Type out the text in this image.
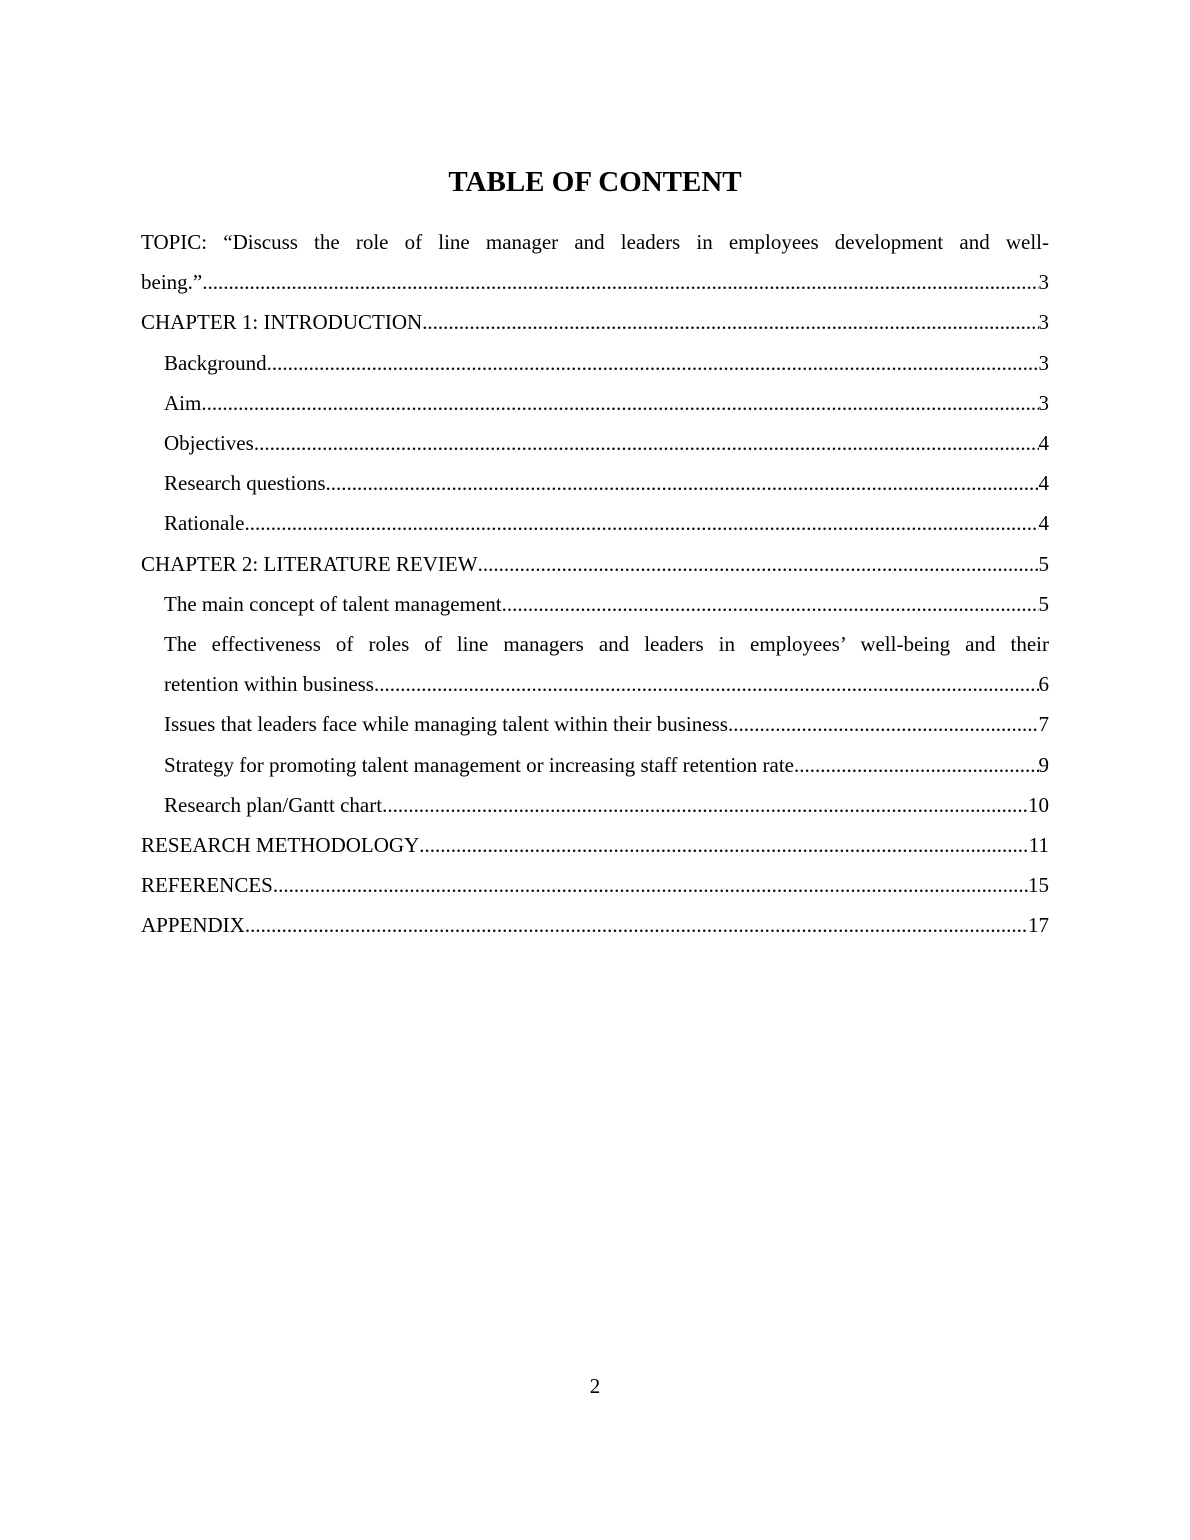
TABLE OF CONTENT
TOPIC: “Discuss the role of line manager and leaders in employees development and well-
being.” .....	3
CHAPTER 1: INTRODUCTION .....	3
Background .....	3
Aim .....	3
Objectives .....	4
Research questions .....	4
Rationale .....	4
CHAPTER 2: LITERATURE REVIEW .....	5
The main concept of talent management .....	5
The effectiveness of roles of line managers and leaders in employees’ well-being and their
retention within business .....	6
Issues that leaders face while managing talent within their business .....	7
Strategy for promoting talent management or increasing staff retention rate .....	9
Research plan/Gantt chart .....	10
RESEARCH METHODOLOGY .....	11
REFERENCES .....	15
APPENDIX .....	17
2
